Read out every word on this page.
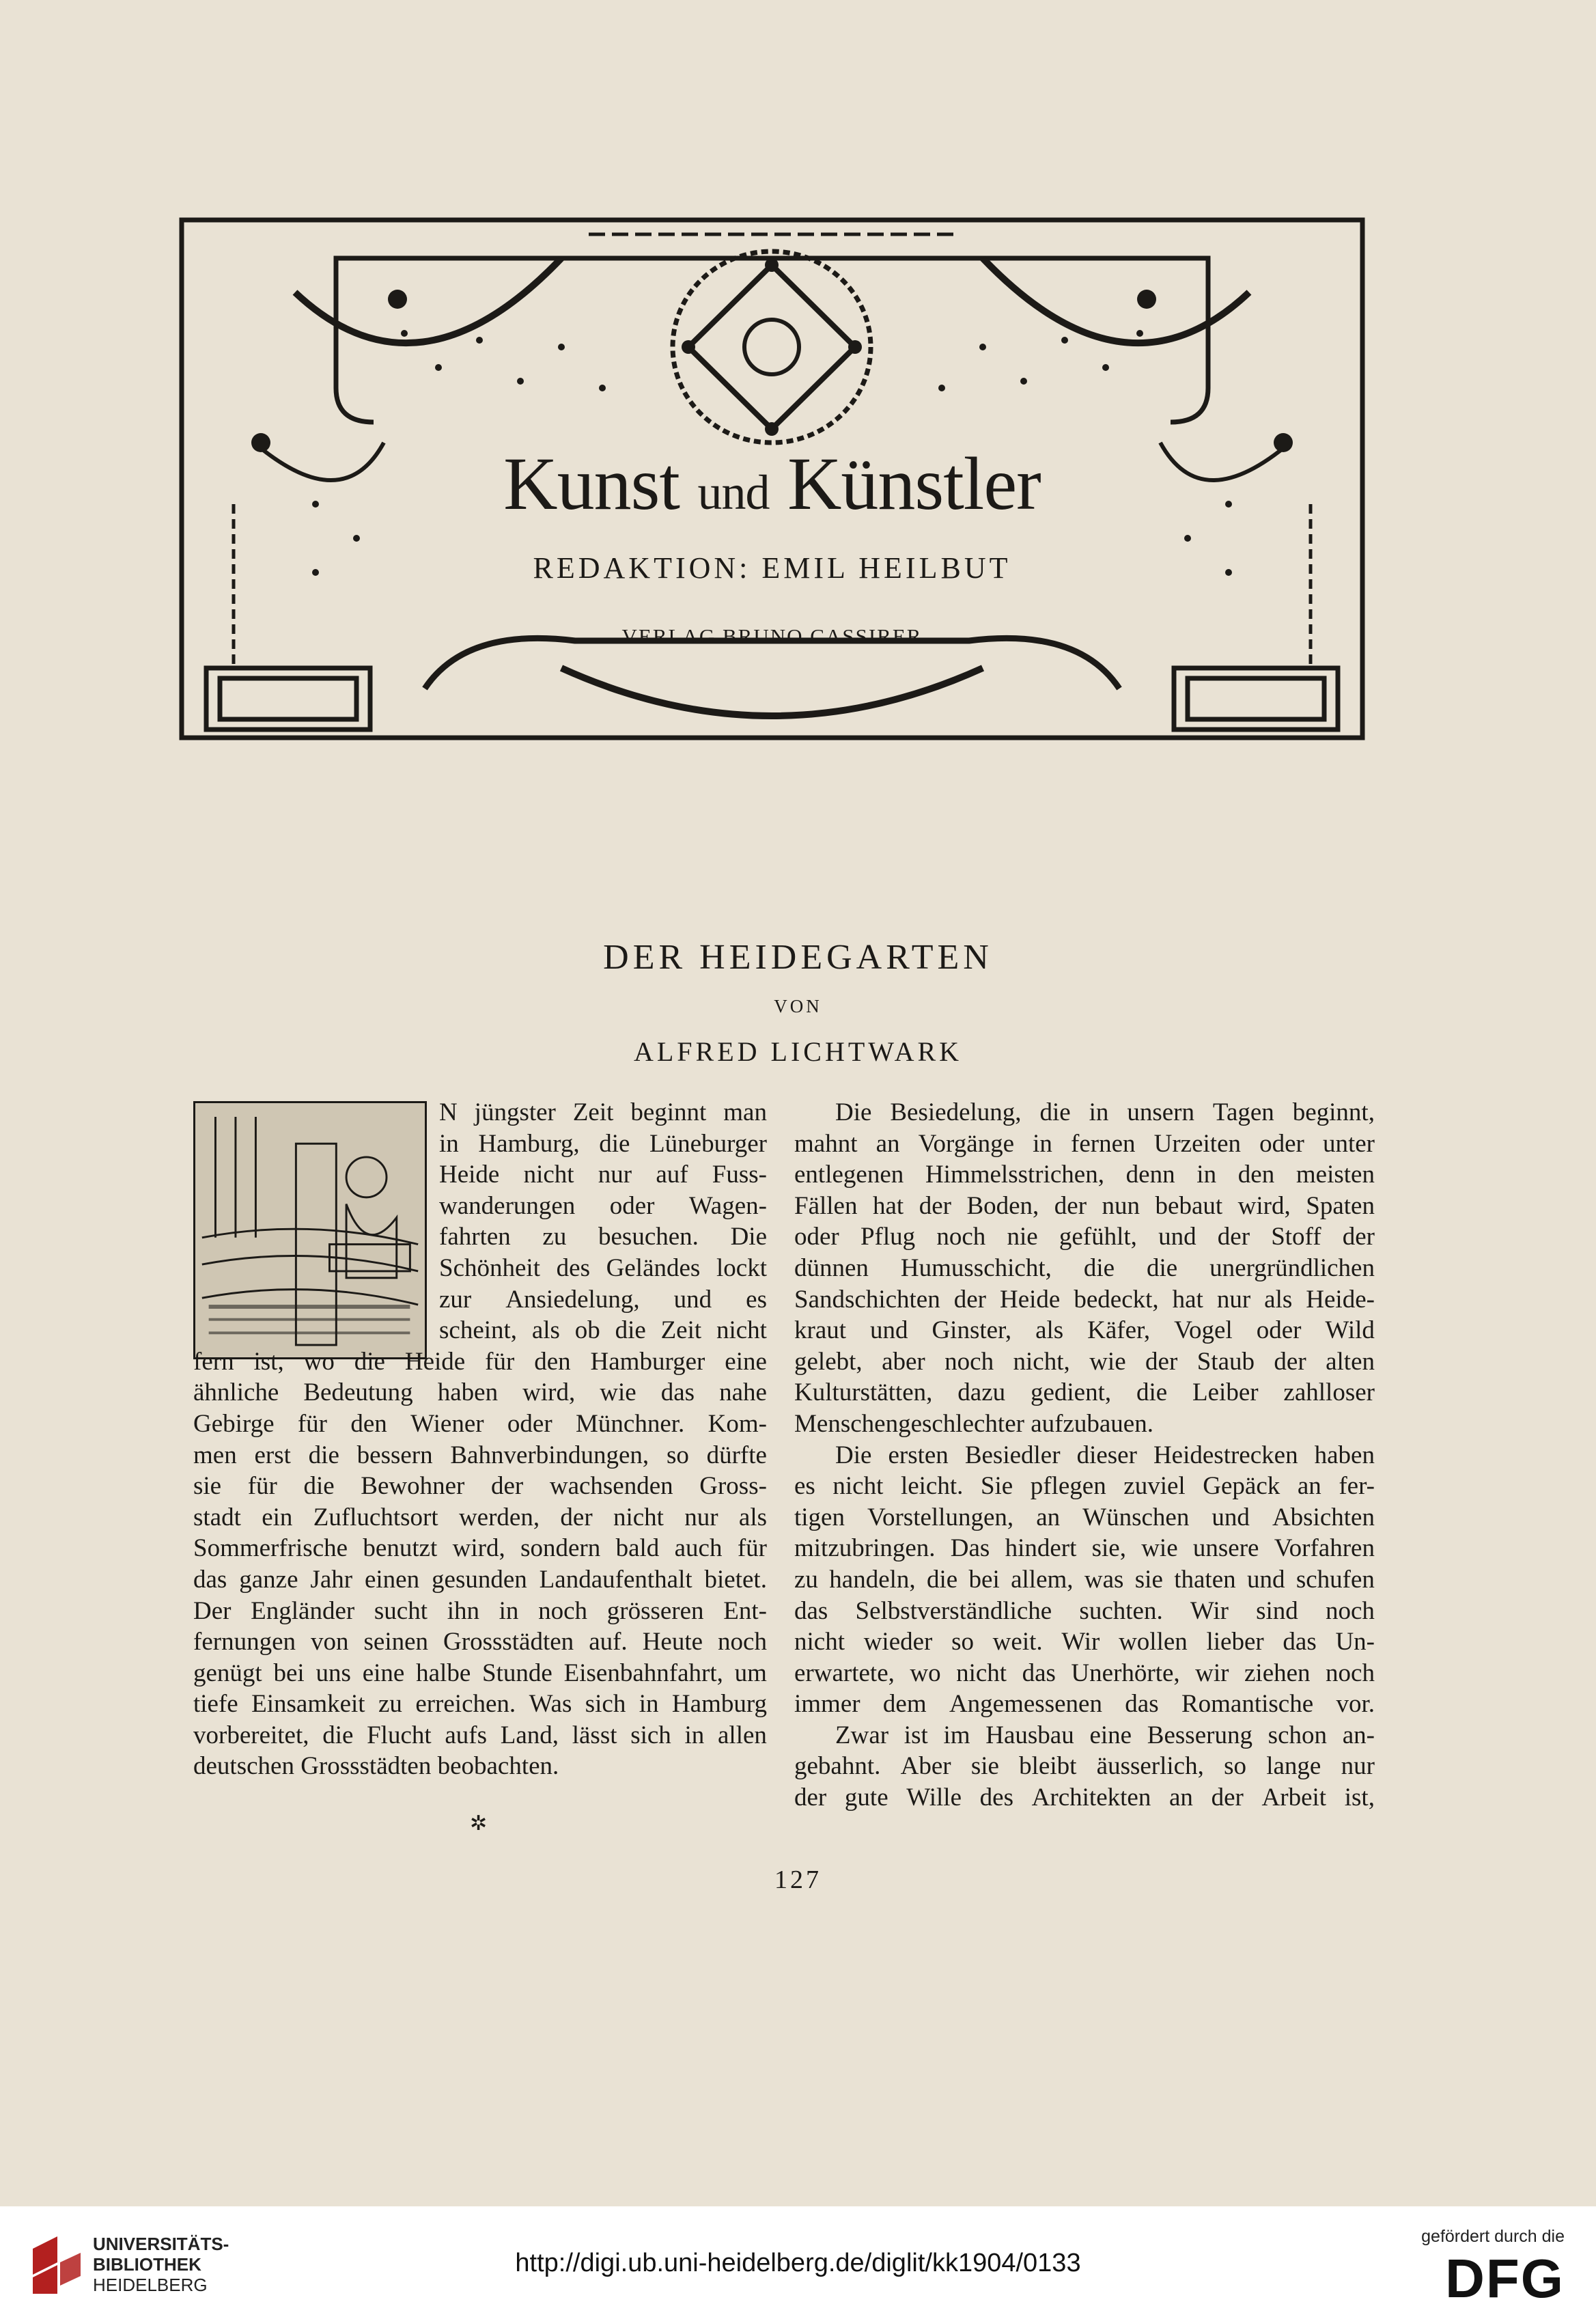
Kunst und Künstler
REDAKTION: EMIL HEILBUT
VERLAG BRUNO CASSIRER
DER HEIDEGARTEN
VON
ALFRED LICHTWARK
N jüngster Zeit beginnt man
in Hamburg, die Lüneburger
Heide nicht nur auf Fuss-
wanderungen oder Wagen-
fahrten zu besuchen. Die
Schönheit des Geländes lockt
zur Ansiedelung, und es
scheint, als ob die Zeit nicht
fern ist, wo die Heide für den Hamburger eine
ähnliche Bedeutung haben wird, wie das nahe
Gebirge für den Wiener oder Münchner. Kom-
men erst die bessern Bahnverbindungen, so dürfte
sie für die Bewohner der wachsenden Gross-
stadt ein Zufluchtsort werden, der nicht nur als
Sommerfrische benutzt wird, sondern bald auch für
das ganze Jahr einen gesunden Landaufenthalt bietet.
Der Engländer sucht ihn in noch grösseren Ent-
fernungen von seinen Grossstädten auf. Heute noch
genügt bei uns eine halbe Stunde Eisenbahnfahrt, um
tiefe Einsamkeit zu erreichen. Was sich in Hamburg
vorbereitet, die Flucht aufs Land, lässt sich in allen
deutschen Grossstädten beobachten.
Die Besiedelung, die in unsern Tagen beginnt,
mahnt an Vorgänge in fernen Urzeiten oder unter
entlegenen Himmelsstrichen, denn in den meisten
Fällen hat der Boden, der nun bebaut wird, Spaten
oder Pflug noch nie gefühlt, und der Stoff der
dünnen Humusschicht, die die unergründlichen
Sandschichten der Heide bedeckt, hat nur als Heide-
kraut und Ginster, als Käfer, Vogel oder Wild
gelebt, aber noch nicht, wie der Staub der alten
Kulturstätten, dazu gedient, die Leiber zahlloser
Menschengeschlechter aufzubauen.
Die ersten Besiedler dieser Heidestrecken haben
es nicht leicht. Sie pflegen zuviel Gepäck an fer-
tigen Vorstellungen, an Wünschen und Absichten
mitzubringen. Das hindert sie, wie unsere Vorfahren
zu handeln, die bei allem, was sie thaten und schufen
das Selbstverständliche suchten. Wir sind noch
nicht wieder so weit. Wir wollen lieber das Un-
erwartete, wo nicht das Unerhörte, wir ziehen noch
immer dem Angemessenen das Romantische vor.
Zwar ist im Hausbau eine Besserung schon an-
gebahnt. Aber sie bleibt äusserlich, so lange nur
der gute Wille des Architekten an der Arbeit ist,
✲
127
UNIVERSITÄTS-
BIBLIOTHEK
HEIDELBERG
http://digi.ub.uni-heidelberg.de/diglit/kk1904/0133
gefördert durch die
DFG
